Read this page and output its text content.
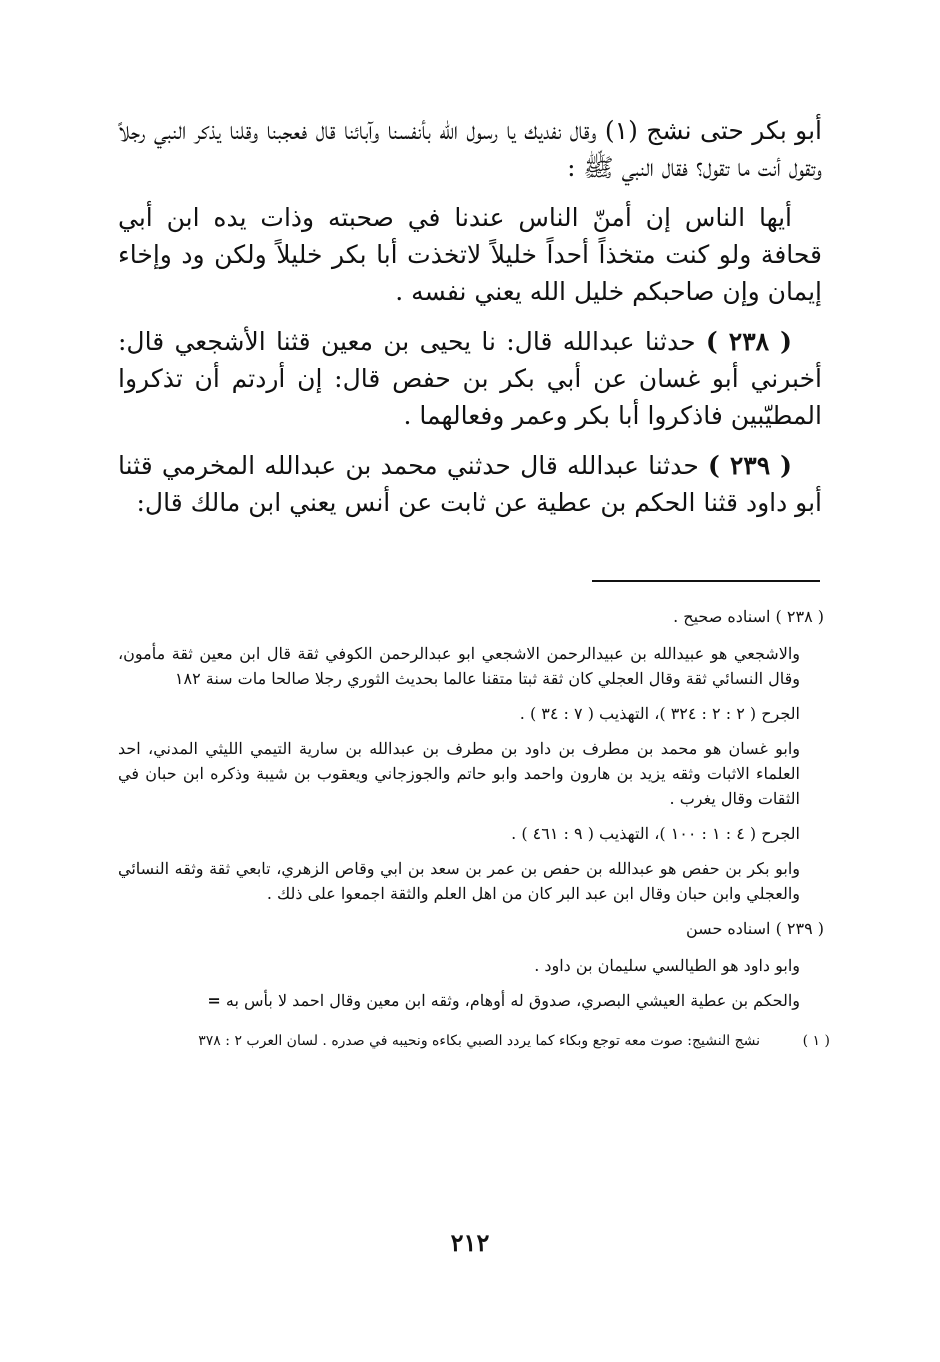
أبو بكر حتى نشج (١) وقال نفديك يا رسول الله بأنفسنا وآبائنا قال فعجبنا وقلنا يذكر النبي رجلاً وتقول أنت ما تقول؟ فقال النبي ﷺ :

أيها الناس إن أمنّ الناس عندنا في صحبته وذات يده ابن أبي قحافة ولو كنت متخذاً أحداً خليلاً لاتخذت أبا بكر خليلاً ولكن ود وإخاء إيمان وإن صاحبكم خليل الله يعني نفسه .

( ٢٣٨ ) حدثنا عبدالله قال: نا يحيى بن معين قثنا الأشجعي قال: أخبرني أبو غسان عن أبي بكر بن حفص قال: إن أردتم أن تذكروا المطيّبين فاذكروا أبا بكر وعمر وفعالهما .

( ٢٣٩ ) حدثنا عبدالله قال حدثني محمد بن عبدالله المخرمي قثنا أبو داود قثنا الحكم بن عطية عن ثابت عن أنس يعني ابن مالك قال:

( ٢٣٨ ) اسناده صحيح .
والاشجعي هو عبيدالله بن عبيدالرحمن الاشجعي ابو عبدالرحمن الكوفي ثقة قال ابن معين ثقة مأمون، وقال النسائي ثقة وقال العجلي كان ثقة ثبتا متقنا عالما بحديث الثوري رجلا صالحا مات سنة ١٨٢
الجرح ( ٢ : ٢ : ٣٢٤ )، التهذيب ( ٧ : ٣٤ ) .
وابو غسان هو محمد بن مطرف بن داود بن مطرف بن عبدالله بن سارية التيمي الليثي المدني، احد العلماء الاثبات وثقه يزيد بن هارون واحمد وابو حاتم والجوزجاني ويعقوب بن شيبة وذكره ابن حبان في الثقات وقال يغرب .
الجرح ( ٤ : ١ : ١٠٠ )، التهذيب ( ٩ : ٤٦١ ) .
وابو بكر بن حفص هو عبدالله بن حفص بن عمر بن سعد بن ابي وقاص الزهري، تابعي ثقة وثقه النسائي والعجلي وابن حبان وقال ابن عبد البر كان من اهل العلم والثقة اجمعوا على ذلك .
( ٢٣٩ ) اسناده حسن
وابو داود هو الطيالسي سليمان بن داود .
والحكم بن عطية العيشي البصري، صدوق له أوهام، وثقه ابن معين وقال احمد لا بأس به =
( ١ )
نشج النشيج: صوت معه توجع وبكاء كما يردد الصبي بكاءه ونحيبه في صدره . لسان العرب ٢ : ٣٧٨
٢١٢
